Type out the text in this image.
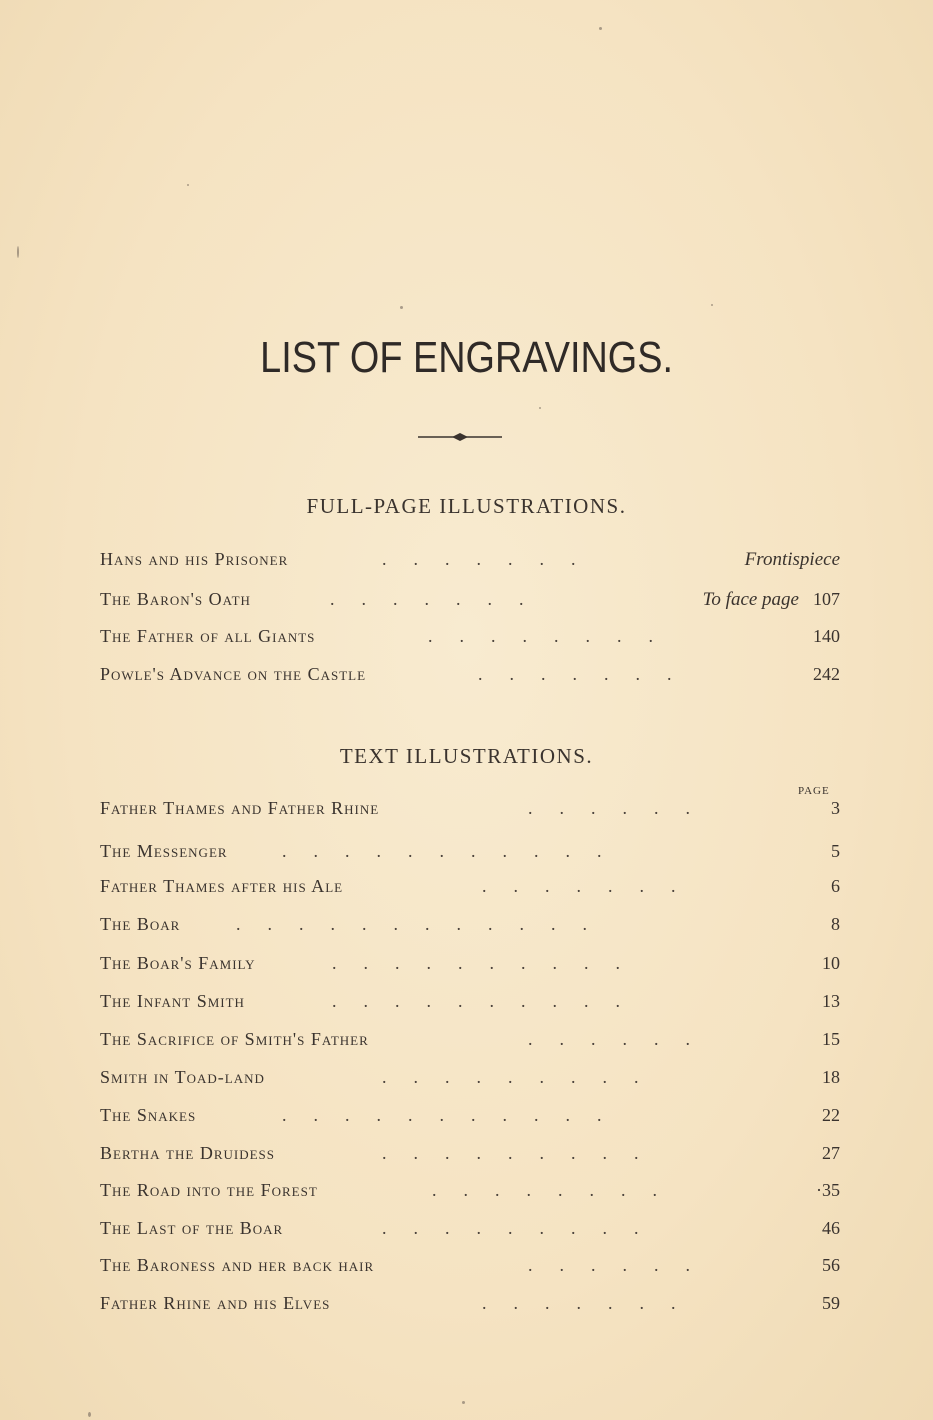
LIST OF ENGRAVINGS.
FULL-PAGE ILLUSTRATIONS.
Hans and his Prisoner	.      .      .      .      .      .      .	Frontispiece
The Baron's Oath	.      .      .      .      .      .      .	To face page 107
The Father of all Giants	.      .      .      .      .      .      .      .	140
Powle's Advance on the Castle	.      .      .      .      .      .      .	242
TEXT ILLUSTRATIONS.
PAGE
Father Thames and Father Rhine	.      .      .      .      .      .	3
The Messenger	.      .      .      .      .      .      .      .      .      .      .	5
Father Thames after his Ale	.      .      .      .      .      .      .	6
The Boar	.      .      .      .      .      .      .      .      .      .      .      .	8
The Boar's Family	.      .      .      .      .      .      .      .      .      .	10
The Infant Smith	.      .      .      .      .      .      .      .      .      .	13
The Sacrifice of Smith's Father	.      .      .      .      .      .	15
Smith in Toad-land	.      .      .      .      .      .      .      .      .	18
The Snakes	.      .      .      .      .      .      .      .      .      .      .	22
Bertha the Druidess	.      .      .      .      .      .      .      .      .	27
The Road into the Forest	.      .      .      .      .      .      .      .	·35
The Last of the Boar	.      .      .      .      .      .      .      .      .	46
The Baroness and her back hair	.      .      .      .      .      .	56
Father Rhine and his Elves	.      .      .      .      .      .      .	59
